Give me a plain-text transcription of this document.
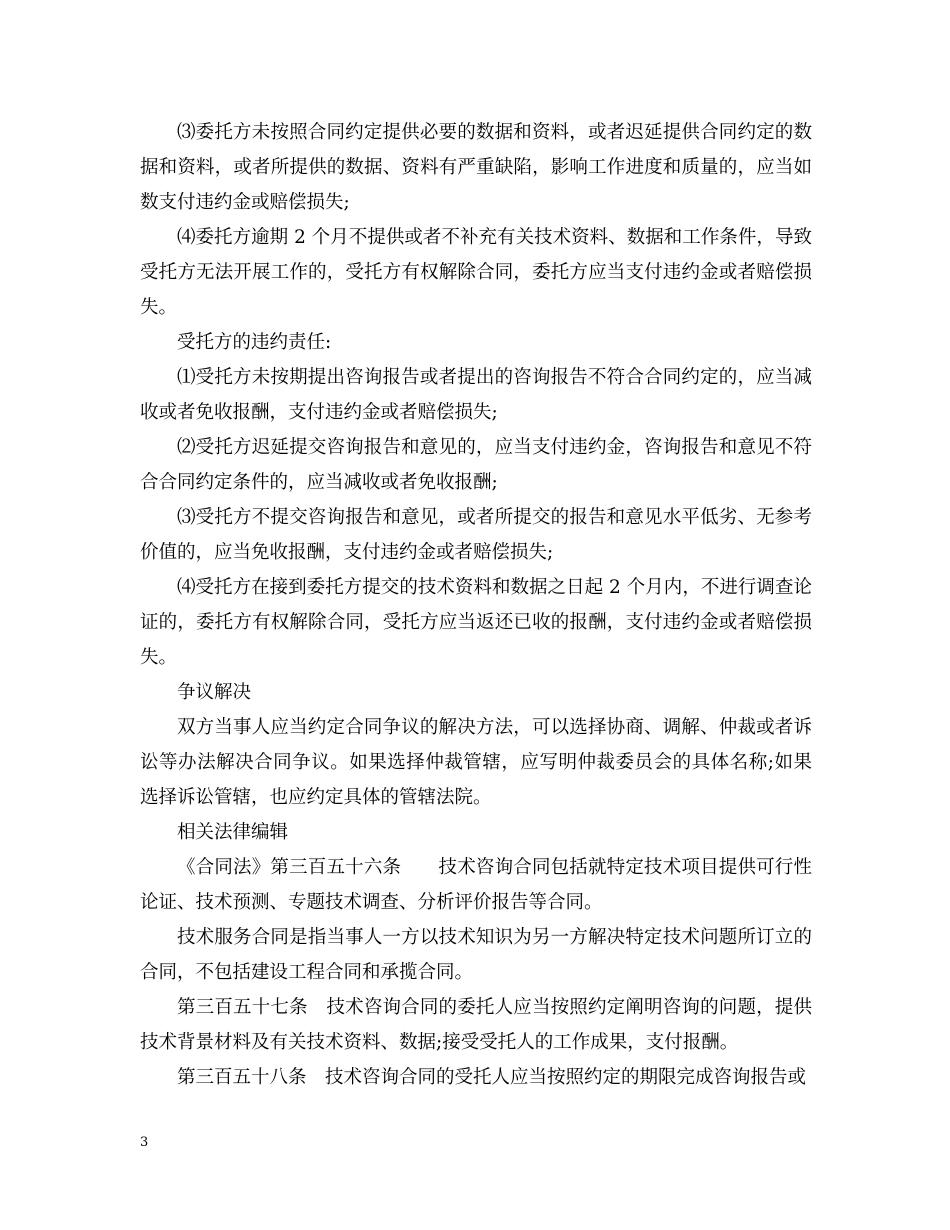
⑶委托方未按照合同约定提供必要的数据和资料，或者迟延提供合同约定的数据和资料，或者所提供的数据、资料有严重缺陷，影响工作进度和质量的，应当如数支付违约金或赔偿损失;

⑷委托方逾期 2 个月不提供或者不补充有关技术资料、数据和工作条件，导致受托方无法开展工作的，受托方有权解除合同，委托方应当支付违约金或者赔偿损失。

受托方的违约责任:

⑴受托方未按期提出咨询报告或者提出的咨询报告不符合合同约定的，应当减收或者免收报酬，支付违约金或者赔偿损失;

⑵受托方迟延提交咨询报告和意见的，应当支付违约金，咨询报告和意见不符合合同约定条件的，应当减收或者免收报酬;

⑶受托方不提交咨询报告和意见，或者所提交的报告和意见水平低劣、无参考价值的，应当免收报酬，支付违约金或者赔偿损失;

⑷受托方在接到委托方提交的技术资料和数据之日起 2 个月内，不进行调查论证的，委托方有权解除合同，受托方应当返还已收的报酬，支付违约金或者赔偿损失。

争议解决

双方当事人应当约定合同争议的解决方法，可以选择协商、调解、仲裁或者诉讼等办法解决合同争议。如果选择仲裁管辖，应写明仲裁委员会的具体名称;如果选择诉讼管辖，也应约定具体的管辖法院。

相关法律编辑

《合同法》第三百五十六条　　技术咨询合同包括就特定技术项目提供可行性论证、技术预测、专题技术调查、分析评价报告等合同。

技术服务合同是指当事人一方以技术知识为另一方解决特定技术问题所订立的合同，不包括建设工程合同和承揽合同。

第三百五十七条　技术咨询合同的委托人应当按照约定阐明咨询的问题，提供技术背景材料及有关技术资料、数据;接受受托人的工作成果，支付报酬。

第三百五十八条　技术咨询合同的受托人应当按照约定的期限完成咨询报告或

3
